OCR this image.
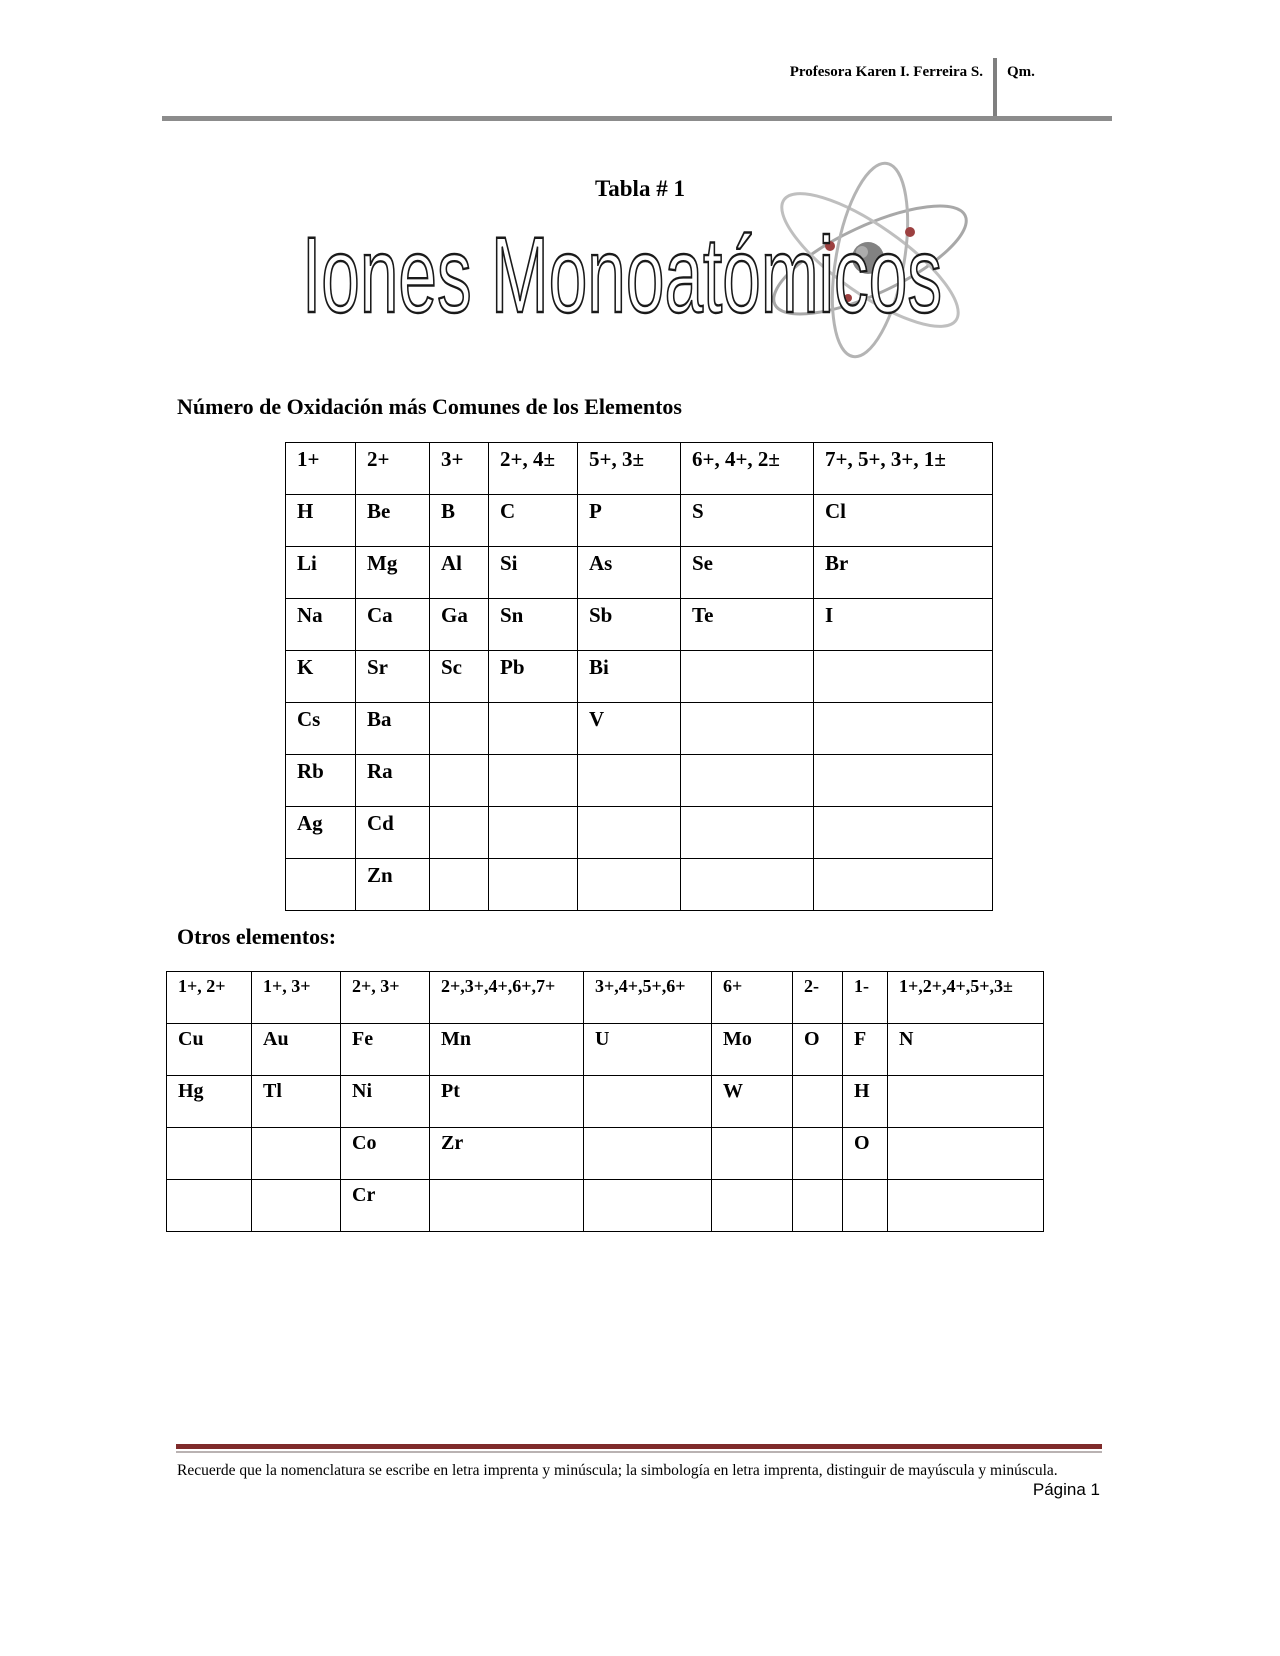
Profesora Karen I. Ferreira S. Qm.
Tabla # 1
Iones Monoatómicos
Número de Oxidación más Comunes de los Elementos
1+	2+	3+	2+, 4±	5+, 3±	6+, 4+, 2±	7+, 5+, 3+, 1±
H	Be	B	C	P	S	Cl
Li	Mg	Al	Si	As	Se	Br
Na	Ca	Ga	Sn	Sb	Te	I
K	Sr	Sc	Pb	Bi		
Cs	Ba			V		
Rb	Ra					
Ag	Cd					
	Zn					
Otros elementos:
1+, 2+	1+, 3+	2+, 3+	2+,3+,4+,6+,7+	3+,4+,5+,6+	6+	2-	1-	1+,2+,4+,5+,3±
Cu	Au	Fe	Mn	U	Mo	O	F	N
Hg	Tl	Ni	Pt		W		H	
		Co	Zr				O	
		Cr						
Recuerde que la nomenclatura se escribe en letra imprenta y minúscula; la simbología en letra imprenta, distinguir de mayúscula y minúscula.
Página 1
